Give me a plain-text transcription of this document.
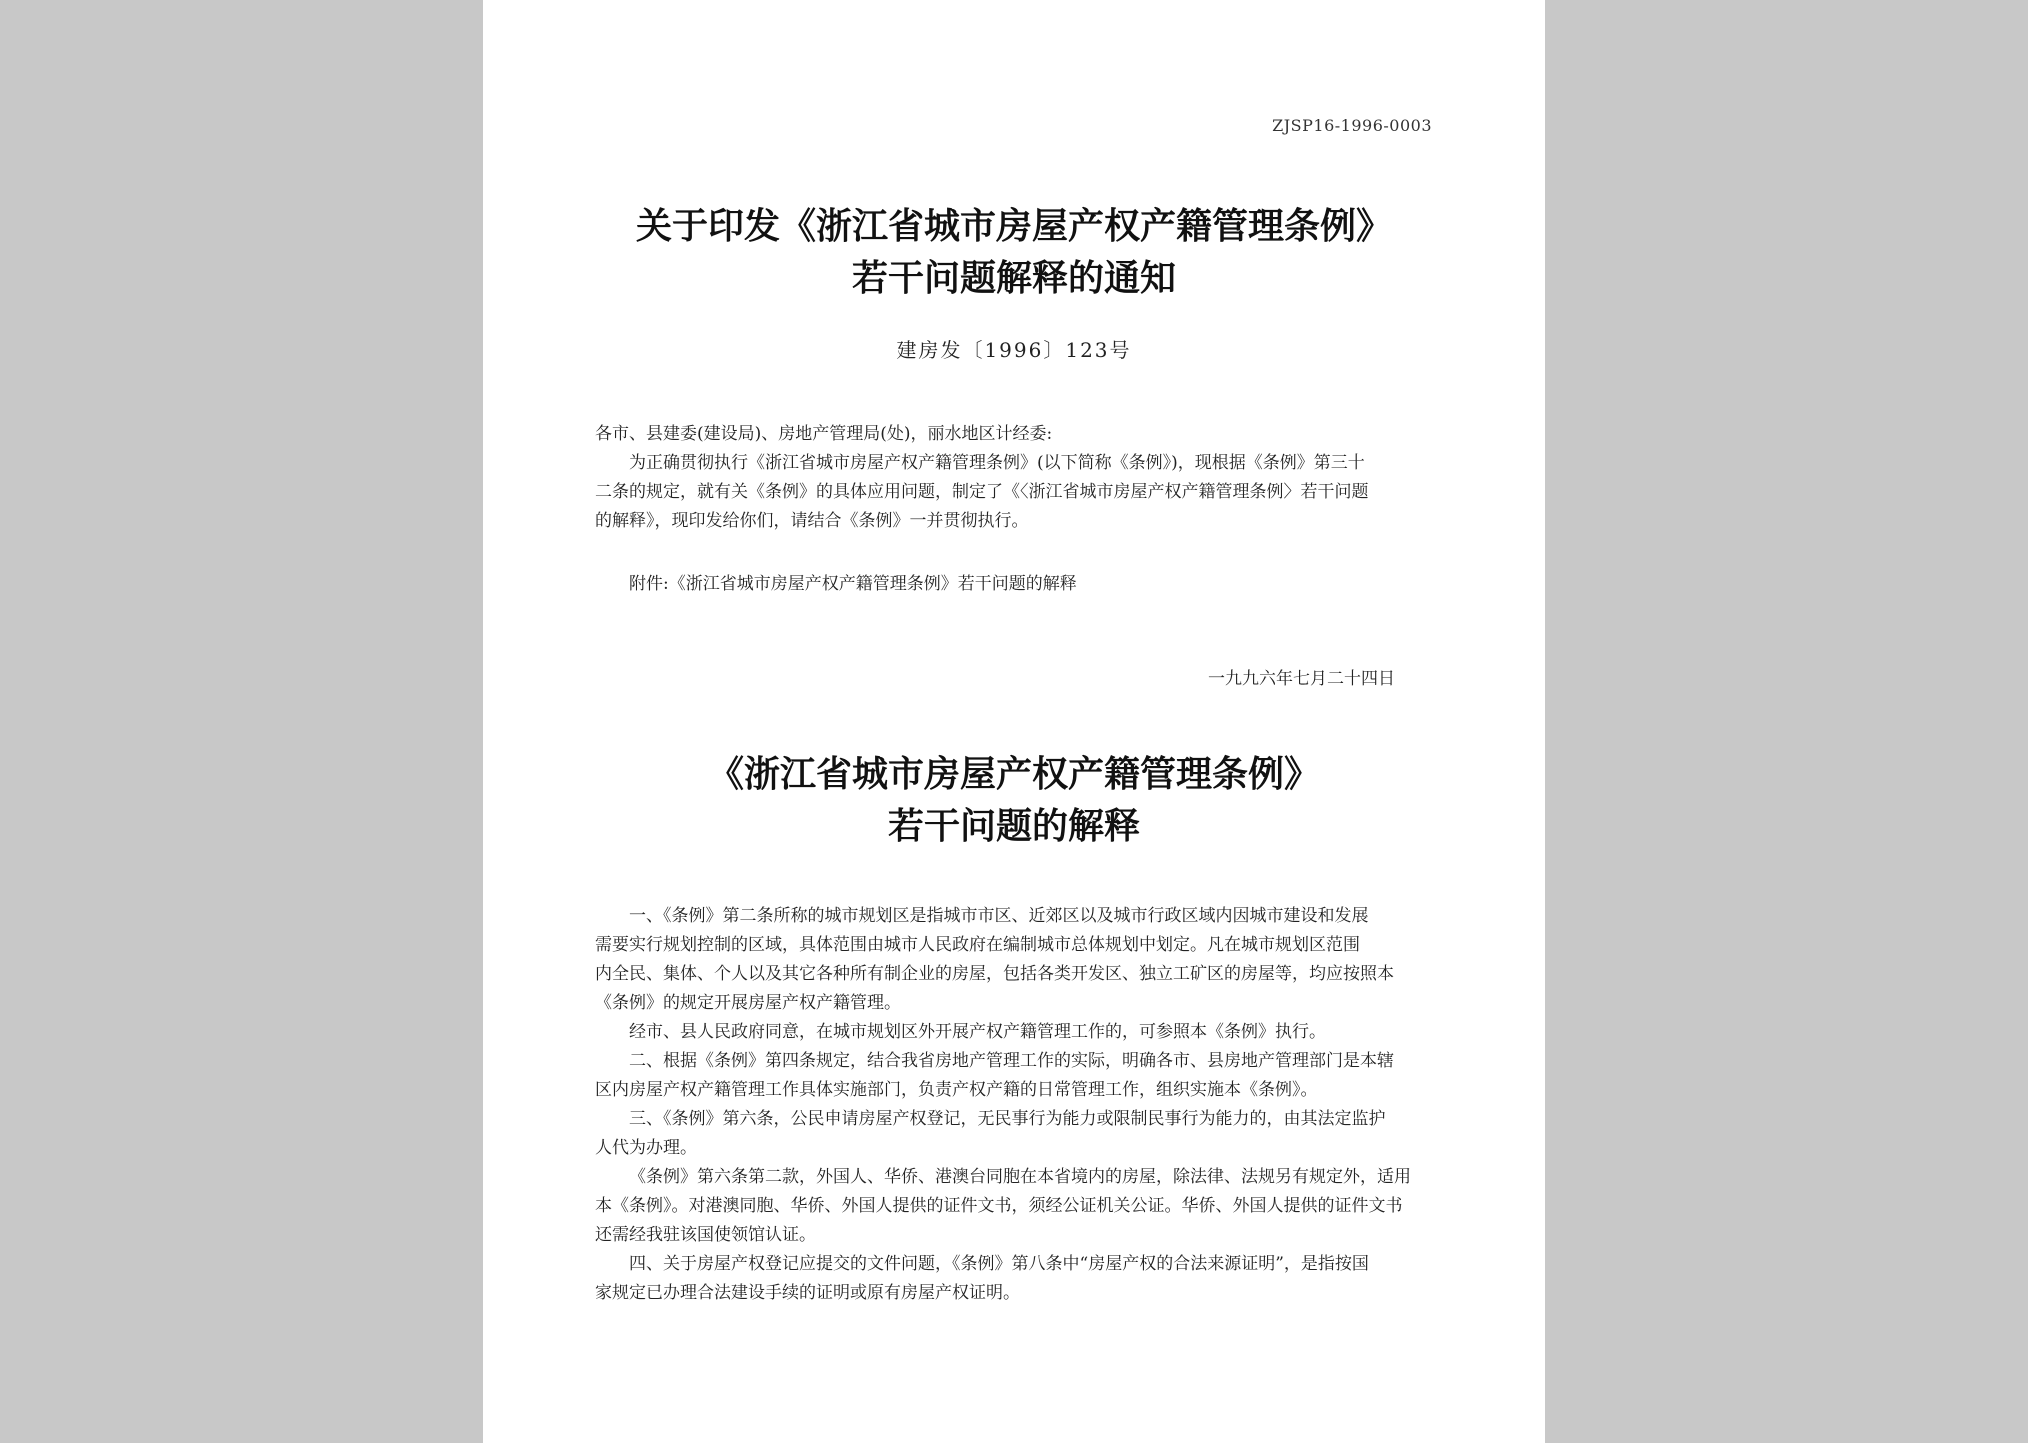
ZJSP16-1996-0003
关于印发《浙江省城市房屋产权产籍管理条例》
若干问题解释的通知
建房发〔1996〕123号

各市、县建委(建设局)、房地产管理局(处)，丽水地区计经委:

为正确贯彻执行《浙江省城市房屋产权产籍管理条例》(以下简称《条例》)，现根据《条例》第三十

二条的规定，就有关《条例》的具体应用问题，制定了《〈浙江省城市房屋产权产籍管理条例〉若干问题

的解释》，现印发给你们，请结合《条例》一并贯彻执行。

附件:《浙江省城市房屋产权产籍管理条例》若干问题的解释
一九九六年七月二十四日
《浙江省城市房屋产权产籍管理条例》
若干问题的解释

一、《条例》第二条所称的城市规划区是指城市市区、近郊区以及城市行政区域内因城市建设和发展

需要实行规划控制的区域，具体范围由城市人民政府在编制城市总体规划中划定。凡在城市规划区范围

内全民、集体、个人以及其它各种所有制企业的房屋，包括各类开发区、独立工矿区的房屋等，均应按照本

《条例》的规定开展房屋产权产籍管理。

经市、县人民政府同意，在城市规划区外开展产权产籍管理工作的，可参照本《条例》执行。

二、根据《条例》第四条规定，结合我省房地产管理工作的实际，明确各市、县房地产管理部门是本辖

区内房屋产权产籍管理工作具体实施部门，负责产权产籍的日常管理工作，组织实施本《条例》。

三、《条例》第六条，公民申请房屋产权登记，无民事行为能力或限制民事行为能力的，由其法定监护

人代为办理。

《条例》第六条第二款，外国人、华侨、港澳台同胞在本省境内的房屋，除法律、法规另有规定外，适用

本《条例》。对港澳同胞、华侨、外国人提供的证件文书，须经公证机关公证。华侨、外国人提供的证件文书

还需经我驻该国使领馆认证。

四、关于房屋产权登记应提交的文件问题，《条例》第八条中“房屋产权的合法来源证明”，是指按国

家规定已办理合法建设手续的证明或原有房屋产权证明。
